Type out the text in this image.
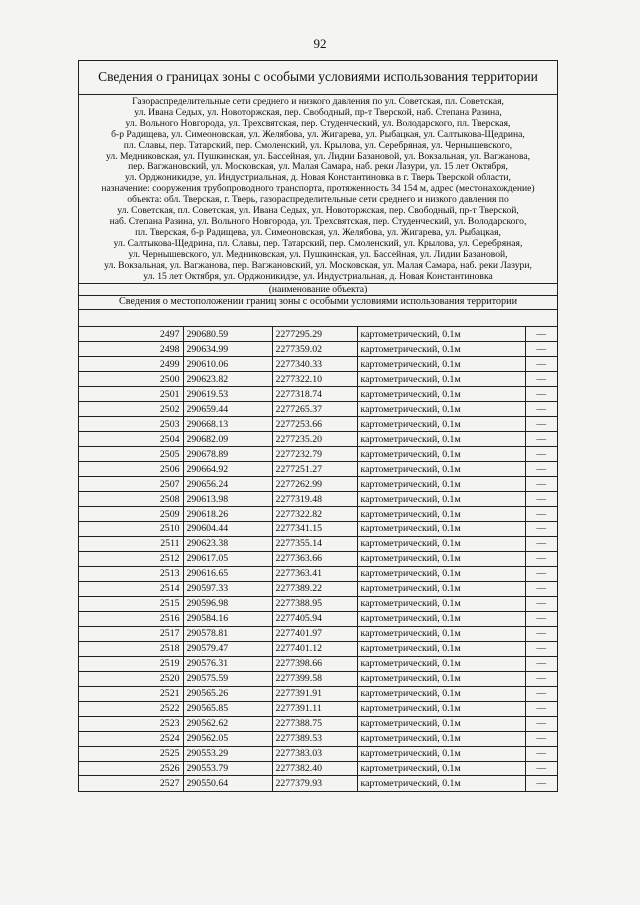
92
Сведения о границах зоны с особыми условиями использования территории
Газораспределительные сети среднего и низкого давления по ул. Советская, пл. Советская,
ул. Ивана Седых, ул. Новоторжская, пер. Свободный, пр-т Тверской, наб. Степана Разина,
ул. Вольного Новгорода, ул. Трехсвятская, пер. Студенческий, ул. Володарского, пл. Тверская,
б-р Радищева, ул. Симеоновская, ул. Желябова, ул. Жигарева, ул. Рыбацкая, ул. Салтыкова-Щедрина,
пл. Славы, пер. Татарский, пер. Смоленский, ул. Крылова, ул. Серебряная, ул. Чернышевского,
ул. Медниковская, ул. Пушкинская, ул. Бассейная, ул. Лидии Базановой, ул. Вокзальная, ул. Вагжанова,
пер. Вагжановский, ул. Московская, ул. Малая Самара, наб. реки Лазури, ул. 15 лет Октября,
ул. Орджоникидзе, ул. Индустриальная, д. Новая Константиновка в г. Тверь Тверской области,
назначение: сооружения трубопроводного транспорта, протяженность 34 154 м, адрес (местонахождение)
объекта: обл. Тверская, г. Тверь, газораспределительные сети среднего и низкого давления по
ул. Советская, пл. Советская, ул. Ивана Седых, ул. Новоторжская, пер. Свободный, пр-т Тверской,
наб. Степана Разина, ул. Вольного Новгорода, ул. Трехсвятская, пер. Студенческий, ул. Володарского,
пл. Тверская, б-р Радищева, ул. Симеоновская, ул. Желябова, ул. Жигарева, ул. Рыбацкая,
ул. Салтыкова-Щедрина, пл. Славы, пер. Татарский, пер. Смоленский, ул. Крылова, ул. Серебряная,
ул. Чернышевского, ул. Медниковская, ул. Пушкинская, ул. Бассейная, ул. Лидии Базановой,
ул. Вокзальная, ул. Вагжанова, пер. Вагжановский, ул. Московская, ул. Малая Самара, наб. реки Лазури,
ул. 15 лет Октября, ул. Орджоникидзе, ул. Индустриальная, д. Новая Константиновка
(наименование объекта)
Сведения о местоположении границ зоны с особыми условиями использования территории
2497	290680.59	2277295.29	картометрический, 0.1м	—
2498	290634.99	2277359.02	картометрический, 0.1м	—
2499	290610.06	2277340.33	картометрический, 0.1м	—
2500	290623.82	2277322.10	картометрический, 0.1м	—
2501	290619.53	2277318.74	картометрический, 0.1м	—
2502	290659.44	2277265.37	картометрический, 0.1м	—
2503	290668.13	2277253.66	картометрический, 0.1м	—
2504	290682.09	2277235.20	картометрический, 0.1м	—
2505	290678.89	2277232.79	картометрический, 0.1м	—
2506	290664.92	2277251.27	картометрический, 0.1м	—
2507	290656.24	2277262.99	картометрический, 0.1м	—
2508	290613.98	2277319.48	картометрический, 0.1м	—
2509	290618.26	2277322.82	картометрический, 0.1м	—
2510	290604.44	2277341.15	картометрический, 0.1м	—
2511	290623.38	2277355.14	картометрический, 0.1м	—
2512	290617.05	2277363.66	картометрический, 0.1м	—
2513	290616.65	2277363.41	картометрический, 0.1м	—
2514	290597.33	2277389.22	картометрический, 0.1м	—
2515	290596.98	2277388.95	картометрический, 0.1м	—
2516	290584.16	2277405.94	картометрический, 0.1м	—
2517	290578.81	2277401.97	картометрический, 0.1м	—
2518	290579.47	2277401.12	картометрический, 0.1м	—
2519	290576.31	2277398.66	картометрический, 0.1м	—
2520	290575.59	2277399.58	картометрический, 0.1м	—
2521	290565.26	2277391.91	картометрический, 0.1м	—
2522	290565.85	2277391.11	картометрический, 0.1м	—
2523	290562.62	2277388.75	картометрический, 0.1м	—
2524	290562.05	2277389.53	картометрический, 0.1м	—
2525	290553.29	2277383.03	картометрический, 0.1м	—
2526	290553.79	2277382.40	картометрический, 0.1м	—
2527	290550.64	2277379.93	картометрический, 0.1м	—
